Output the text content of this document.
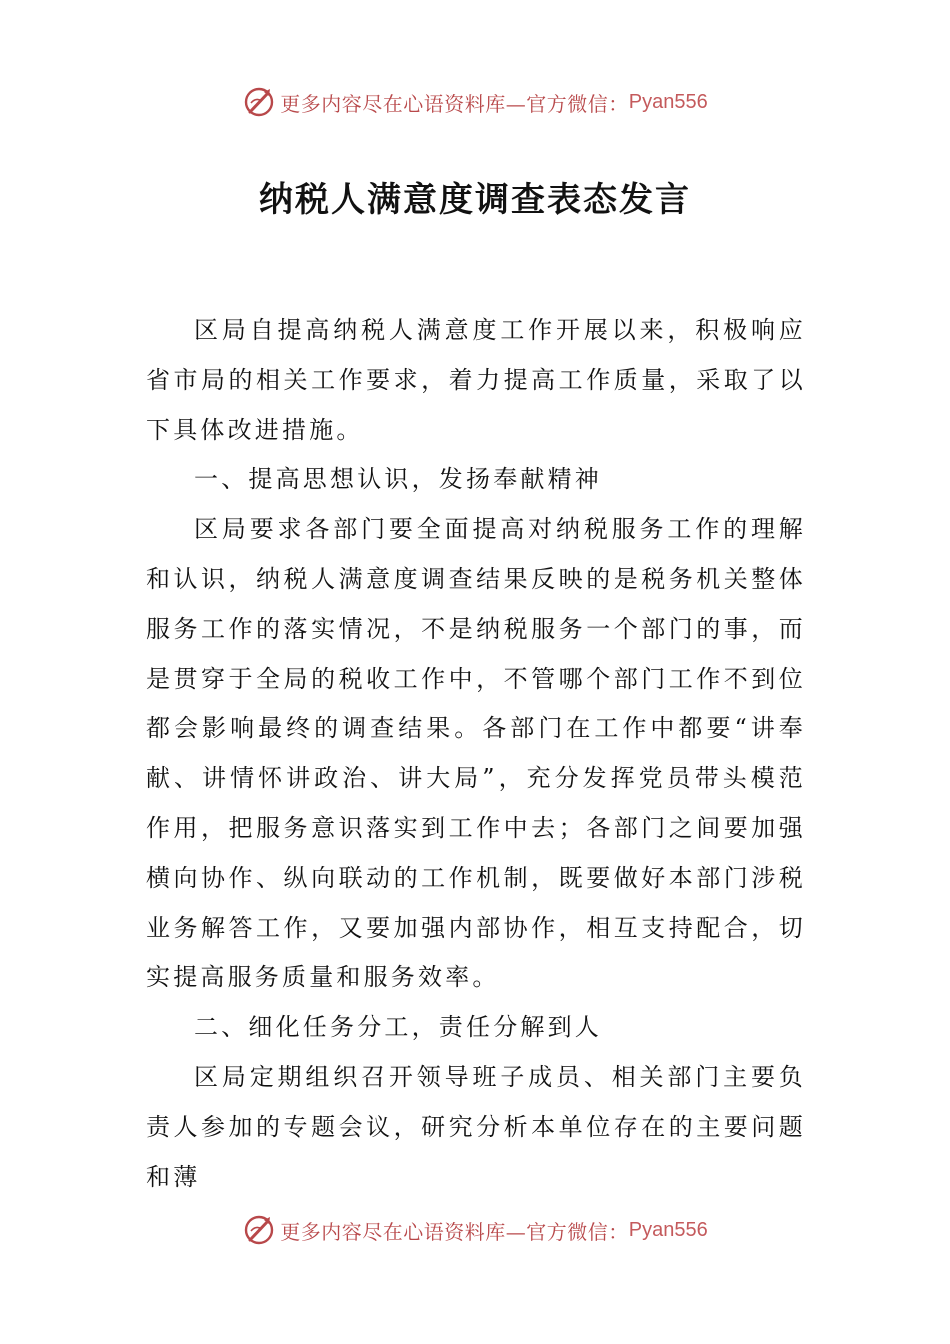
更多内容尽在心语资料库—官方微信： Pyan556
纳税人满意度调查表态发言

区局自提高纳税人满意度工作开展以来，积极响应省市局的相关工作要求，着力提高工作质量，采取了以下具体改进措施。

一、提高思想认识，发扬奉献精神

区局要求各部门要全面提高对纳税服务工作的理解和认识，纳税人满意度调查结果反映的是税务机关整体服务工作的落实情况，不是纳税服务一个部门的事，而是贯穿于全局的税收工作中，不管哪个部门工作不到位都会影响最终的调查结果。各部门在工作中都要“讲奉献、讲情怀讲政治、讲大局”，充分发挥党员带头模范作用，把服务意识落实到工作中去；各部门之间要加强横向协作、纵向联动的工作机制，既要做好本部门涉税业务解答工作，又要加强内部协作，相互支持配合，切实提高服务质量和服务效率。

二、细化任务分工，责任分解到人

区局定期组织召开领导班子成员、相关部门主要负责人参加的专题会议，研究分析本单位存在的主要问题和薄

更多内容尽在心语资料库—官方微信： Pyan556
